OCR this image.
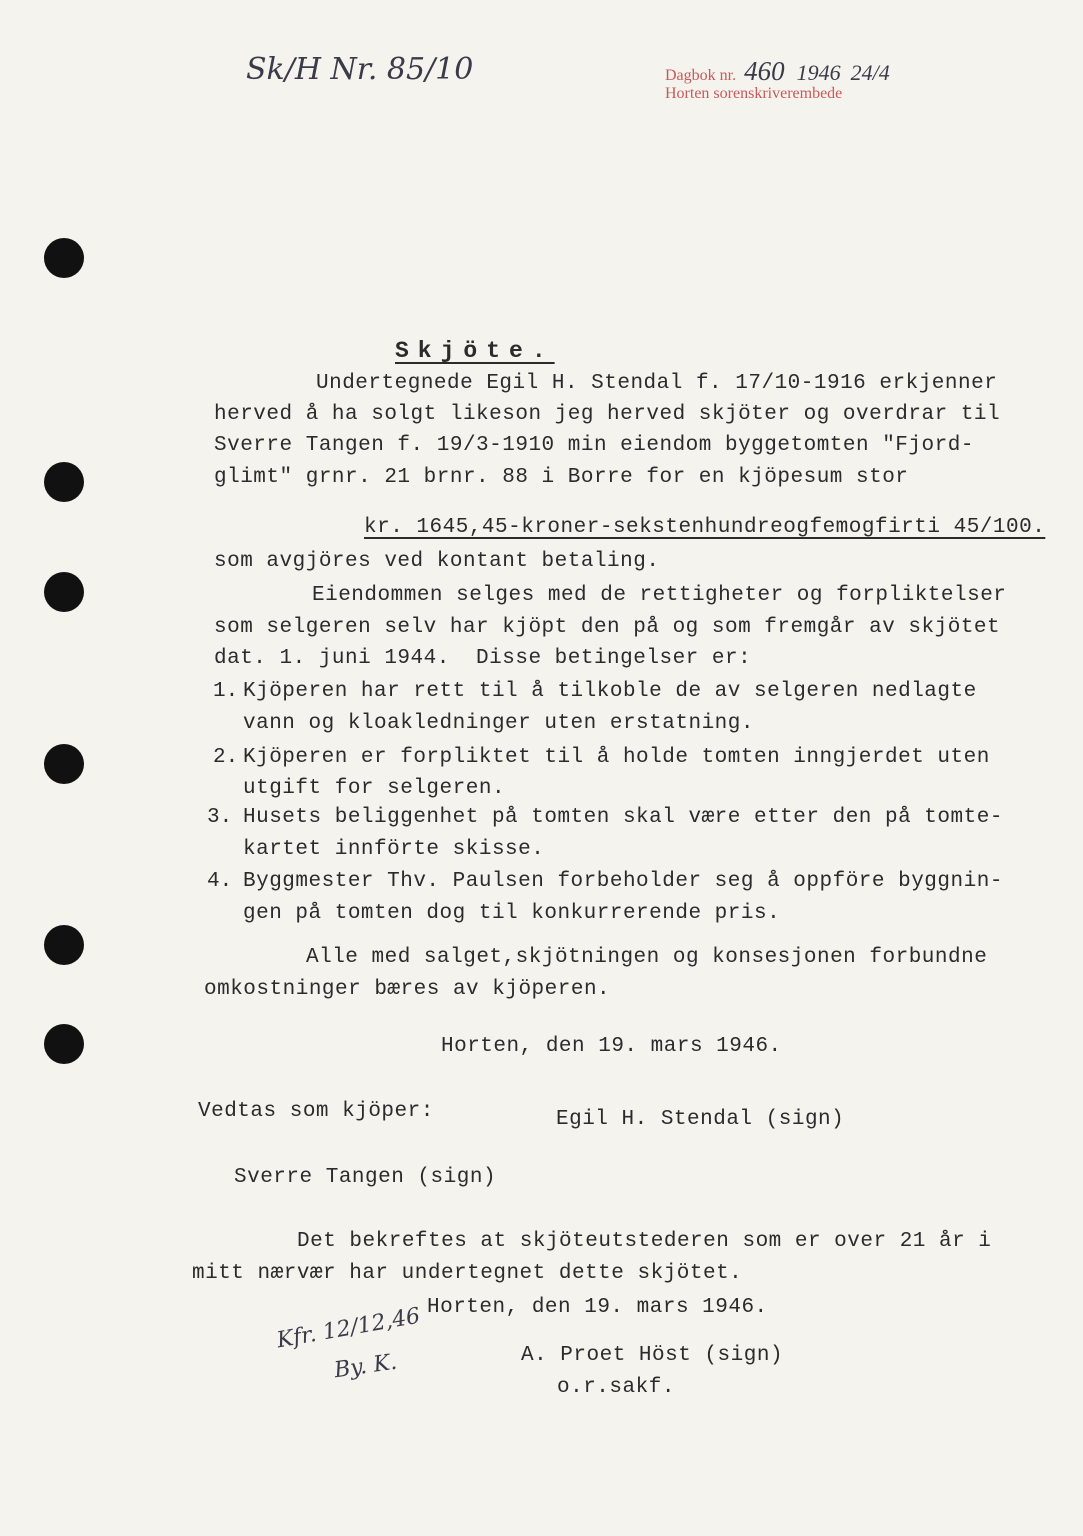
Sk/H Nr. 85/10	Dagbok nr. 460 1946 24/4
Horten sorenskriverembede
Skjöte.
Undertegnede Egil H. Stendal f. 17/10-1916 erkjenner
herved å ha solgt likeson jeg herved skjöter og overdrar til
Sverre Tangen f. 19/3-1910 min eiendom byggetomten "Fjord-
glimt" grnr. 21 brnr. 88 i Borre for en kjöpesum stor
kr. 1645,45-kroner-sekstenhundreogfemogfirti 45/100.
som avgjöres ved kontant betaling.
Eiendommen selges med de rettigheter og forpliktelser
som selgeren selv har kjöpt den på og som fremgår av skjötet
dat. 1. juni 1944.  Disse betingelser er:
1. Kjöperen har rett til å tilkoble de av selgeren nedlagte
vann og kloakledninger uten erstatning.
2. Kjöperen er forpliktet til å holde tomten inngjerdet uten
utgift for selgeren.
3. Husets beliggenhet på tomten skal være etter den på tomte-
kartet innförte skisse.
4. Byggmester Thv. Paulsen forbeholder seg å oppföre byggnin-
gen på tomten dog til konkurrerende pris.
Alle med salget,skjötningen og konsesjonen forbundne
omkostninger bæres av kjöperen.
Horten, den 19. mars 1946.
Vedtas som kjöper:	Egil H. Stendal (sign)
Sverre Tangen (sign)
Det bekreftes at skjöteutstederen som er over 21 år i
mitt nærvær har undertegnet dette skjötet.
Horten, den 19. mars 1946.
Kfr. 12/12,46
By. K.	A. Proet Höst (sign)
o.r.sakf.
